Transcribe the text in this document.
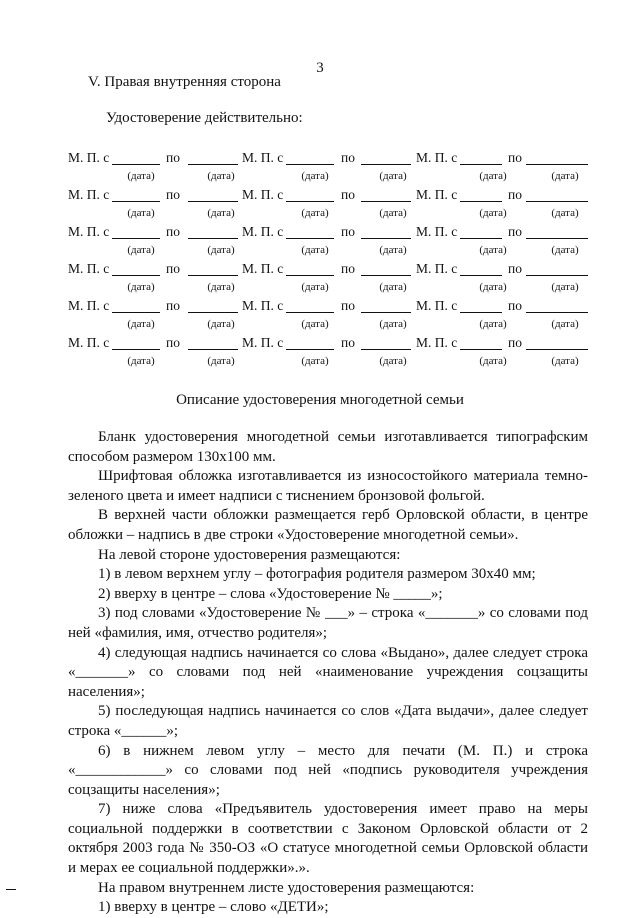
3
V. Правая внутренняя сторона
Удостоверение действительно:
М. П. с	по	М. П. с	по	М. П. с	по
(дата)	(дата)	(дата)	(дата)	(дата)	(дата)
М. П. с	по	М. П. с	по	М. П. с	по
(дата)	(дата)	(дата)	(дата)	(дата)	(дата)
М. П. с	по	М. П. с	по	М. П. с	по
(дата)	(дата)	(дата)	(дата)	(дата)	(дата)
М. П. с	по	М. П. с	по	М. П. с	по
(дата)	(дата)	(дата)	(дата)	(дата)	(дата)
М. П. с	по	М. П. с	по	М. П. с	по
(дата)	(дата)	(дата)	(дата)	(дата)	(дата)
М. П. с	по	М. П. с	по	М. П. с	по
(дата)	(дата)	(дата)	(дата)	(дата)	(дата)
Описание удостоверения многодетной семьи

Бланк удостоверения многодетной семьи изготавливается типографским способом размером 130х100 мм.

Шрифтовая обложка изготавливается из износостойкого материала темно-зеленого цвета и имеет надписи с тиснением бронзовой фольгой.

В верхней части обложки размещается герб Орловской области, в центре обложки – надпись в две строки «Удостоверение многодетной семьи».

На левой стороне удостоверения размещаются:

1) в левом верхнем углу – фотография родителя размером 30х40 мм;

2) вверху в центре – слова «Удостоверение № _____»;

3) под словами «Удостоверение № ___» – строка «_______» со словами под ней «фамилия, имя, отчество родителя»;

4) следующая надпись начинается со слова «Выдано», далее следует строка «_______» со словами под ней «наименование учреждения соцзащиты населения»;

5) последующая надпись начинается со слов «Дата выдачи», далее следует строка «______»;

6) в нижнем левом углу – место для печати (М. П.) и строка «____________» со словами под ней «подпись руководителя учреждения соцзащиты населения»;

7) ниже слова «Предъявитель удостоверения имеет право на меры социальной поддержки в соответствии с Законом Орловской области от 2 октября 2003 года № 350-ОЗ «О статусе многодетной семьи Орловской области и мерах ее социальной поддержки».».

На правом внутреннем листе удостоверения размещаются:

1) вверху в центре – слово «ДЕТИ»;
